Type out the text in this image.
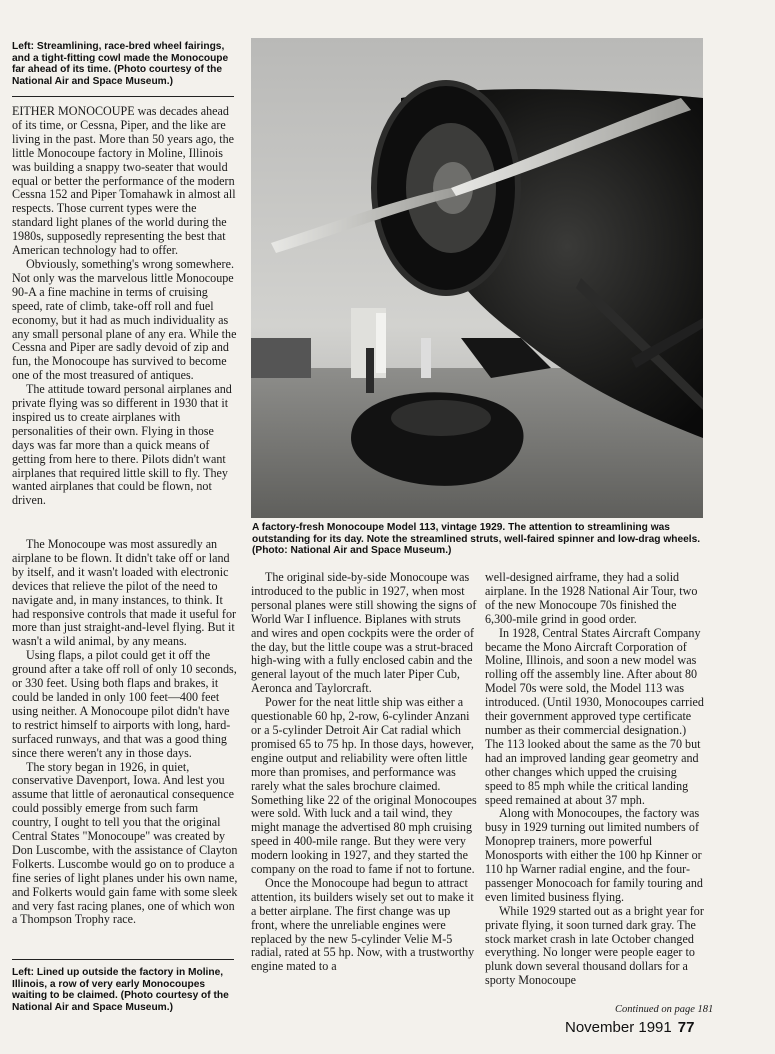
Left: Streamlining, race-bred wheel fairings, and a tight-fitting cowl made the Monocoupe far ahead of its time. (Photo courtesy of the National Air and Space Museum.)

EITHER MONOCOUPE was decades ahead of its time, or Cessna, Piper, and the like are living in the past. More than 50 years ago, the little Monocoupe factory in Moline, Illinois was building a snappy two-seater that would equal or better the performance of the modern Cessna 152 and Piper Tomahawk in almost all respects. Those current types were the standard light planes of the world during the 1980s, supposedly representing the best that American technology had to offer.

Obviously, something's wrong somewhere. Not only was the marvelous little Monocoupe 90-A a fine machine in terms of cruising speed, rate of climb, take-off roll and fuel economy, but it had as much individuality as any small personal plane of any era. While the Cessna and Piper are sadly devoid of zip and fun, the Monocoupe has survived to become one of the most treasured of antiques.

The attitude toward personal airplanes and private flying was so different in 1930 that it inspired us to create airplanes with personalities of their own. Flying in those days was far more than a quick means of getting from here to there. Pilots didn't want airplanes that required little skill to fly. They wanted airplanes that could be flown, not driven.

The Monocoupe was most assuredly an airplane to be flown. It didn't take off or land by itself, and it wasn't loaded with electronic devices that relieve the pilot of the need to navigate and, in many instances, to think. It had responsive controls that made it useful for more than just straight-and-level flying. But it wasn't a wild animal, by any means.

Using flaps, a pilot could get it off the ground after a take off roll of only 10 seconds, or 330 feet. Using both flaps and brakes, it could be landed in only 100 feet—400 feet using neither. A Monocoupe pilot didn't have to restrict himself to airports with long, hard-surfaced runways, and that was a good thing since there weren't any in those days.

The story began in 1926, in quiet, conservative Davenport, Iowa. And lest you assume that little of aeronautical consequence could possibly emerge from such farm country, I ought to tell you that the original Central States "Monocoupe" was created by Don Luscombe, with the assistance of Clayton Folkerts. Luscombe would go on to produce a fine series of light planes under his own name, and Folkerts would gain fame with some sleek and very fast racing planes, one of which won a Thompson Trophy race.

Left: Lined up outside the factory in Moline, Illinois, a row of very early Monocoupes waiting to be claimed. (Photo courtesy of the National Air and Space Museum.)
A factory-fresh Monocoupe Model 113, vintage 1929. The attention to streamlining was outstanding for its day. Note the streamlined struts, well-faired spinner and low-drag wheels. (Photo: National Air and Space Museum.)

The original side-by-side Monocoupe was introduced to the public in 1927, when most personal planes were still showing the signs of World War I influence. Biplanes with struts and wires and open cockpits were the order of the day, but the little coupe was a strut-braced high-wing with a fully enclosed cabin and the general layout of the much later Piper Cub, Aeronca and Taylorcraft.

Power for the neat little ship was either a questionable 60 hp, 2-row, 6-cylinder Anzani or a 5-cylinder Detroit Air Cat radial which promised 65 to 75 hp. In those days, however, engine output and reliability were often little more than promises, and performance was rarely what the sales brochure claimed. Something like 22 of the original Monocoupes were sold. With luck and a tail wind, they might manage the advertised 80 mph cruising speed in 400-mile range. But they were very modern looking in 1927, and they started the company on the road to fame if not to fortune.

Once the Monocoupe had begun to attract attention, its builders wisely set out to make it a better airplane. The first change was up front, where the unreliable engines were replaced by the new 5-cylinder Velie M-5 radial, rated at 55 hp. Now, with a trustworthy engine mated to a

well-designed airframe, they had a solid airplane. In the 1928 National Air Tour, two of the new Monocoupe 70s finished the 6,300-mile grind in good order.

In 1928, Central States Aircraft Company became the Mono Aircraft Corporation of Moline, Illinois, and soon a new model was rolling off the assembly line. After about 80 Model 70s were sold, the Model 113 was introduced. (Until 1930, Monocoupes carried their government approved type certificate number as their commercial designation.) The 113 looked about the same as the 70 but had an improved landing gear geometry and other changes which upped the cruising speed to 85 mph while the critical landing speed remained at about 37 mph.

Along with Monocoupes, the factory was busy in 1929 turning out limited numbers of Monoprep trainers, more powerful Monosports with either the 100 hp Kinner or 110 hp Warner radial engine, and the four-passenger Monocoach for family touring and even limited business flying.

While 1929 started out as a bright year for private flying, it soon turned dark gray. The stock market crash in late October changed everything. No longer were people eager to plunk down several thousand dollars for a sporty Monocoupe

Continued on page 181
November 1991 77
